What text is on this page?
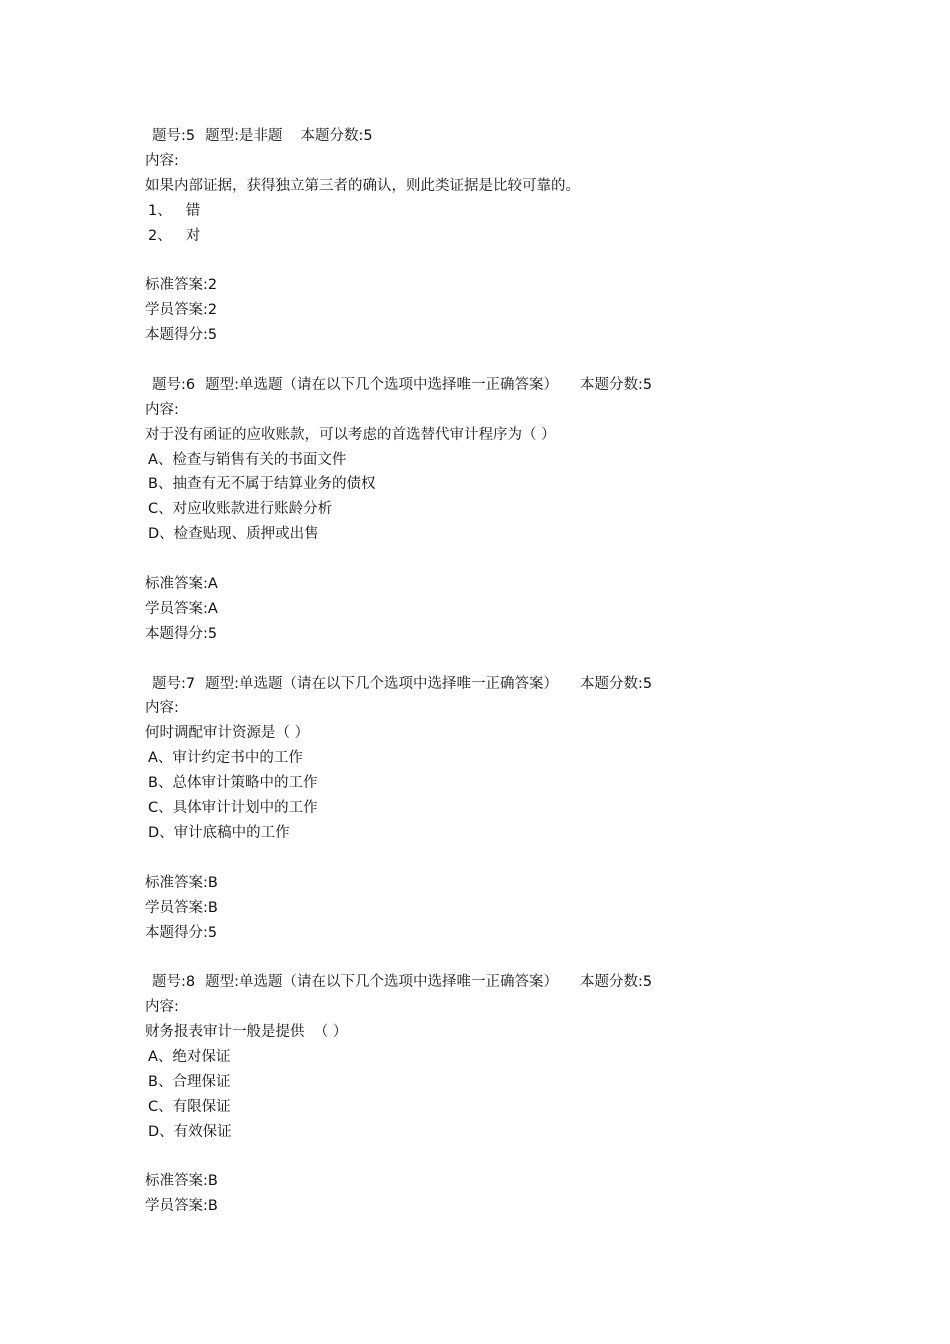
题号:5 题型:是非题 本题分数:5
内容:
如果内部证据，获得独立第三者的确认，则此类证据是比较可靠的。
1、 错
2、 对
标准答案:2
学员答案:2
本题得分:5
题号:6 题型:单选题（请在以下几个选项中选择唯一正确答案） 本题分数:5
内容:
对于没有函证的应收账款，可以考虑的首选替代审计程序为（ ）
A、检查与销售有关的书面文件
B、抽查有无不属于结算业务的债权
C、对应收账款进行账龄分析
D、检查贴现、质押或出售
标准答案:A
学员答案:A
本题得分:5
题号:7 题型:单选题（请在以下几个选项中选择唯一正确答案） 本题分数:5
内容:
何时调配审计资源是（ ）
A、审计约定书中的工作
B、总体审计策略中的工作
C、具体审计计划中的工作
D、审计底稿中的工作
标准答案:B
学员答案:B
本题得分:5
题号:8 题型:单选题（请在以下几个选项中选择唯一正确答案） 本题分数:5
内容:
财务报表审计一般是提供  （ ）
A、绝对保证
B、合理保证
C、有限保证
D、有效保证
标准答案:B
学员答案:B
